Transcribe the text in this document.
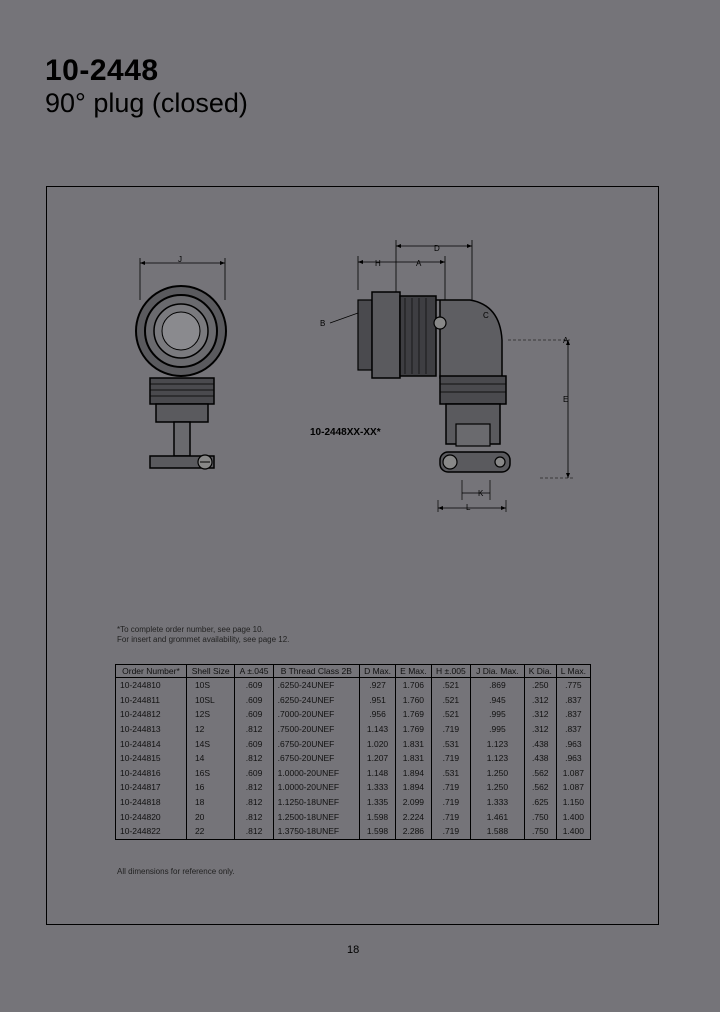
10-2448
90° plug (closed)
J
D
H	A
B
C
A
E
K
L
10-2448XX-XX*
*To complete order number, see page 10.
For insert and grommet availability, see page 12.
Order Number*	Shell Size	A ±.045	B Thread Class 2B	D Max.	E Max.	H ±.005	J Dia. Max.	K Dia.	L Max.
10-244810	10S	.609	.6250-24UNEF	.927	1.706	.521	.869	.250	.775
10-244811	10SL	.609	.6250-24UNEF	.951	1.760	.521	.945	.312	.837
10-244812	12S	.609	.7000-20UNEF	.956	1.769	.521	.995	.312	.837
10-244813	12	.812	.7500-20UNEF	1.143	1.769	.719	.995	.312	.837
10-244814	14S	.609	.6750-20UNEF	1.020	1.831	.531	1.123	.438	.963
10-244815	14	.812	.6750-20UNEF	1.207	1.831	.719	1.123	.438	.963
10-244816	16S	.609	1.0000-20UNEF	1.148	1.894	.531	1.250	.562	1.087
10-244817	16	.812	1.0000-20UNEF	1.333	1.894	.719	1.250	.562	1.087
10-244818	18	.812	1.1250-18UNEF	1.335	2.099	.719	1.333	.625	1.150
10-244820	20	.812	1.2500-18UNEF	1.598	2.224	.719	1.461	.750	1.400
10-244822	22	.812	1.3750-18UNEF	1.598	2.286	.719	1.588	.750	1.400
All dimensions for reference only.
18
